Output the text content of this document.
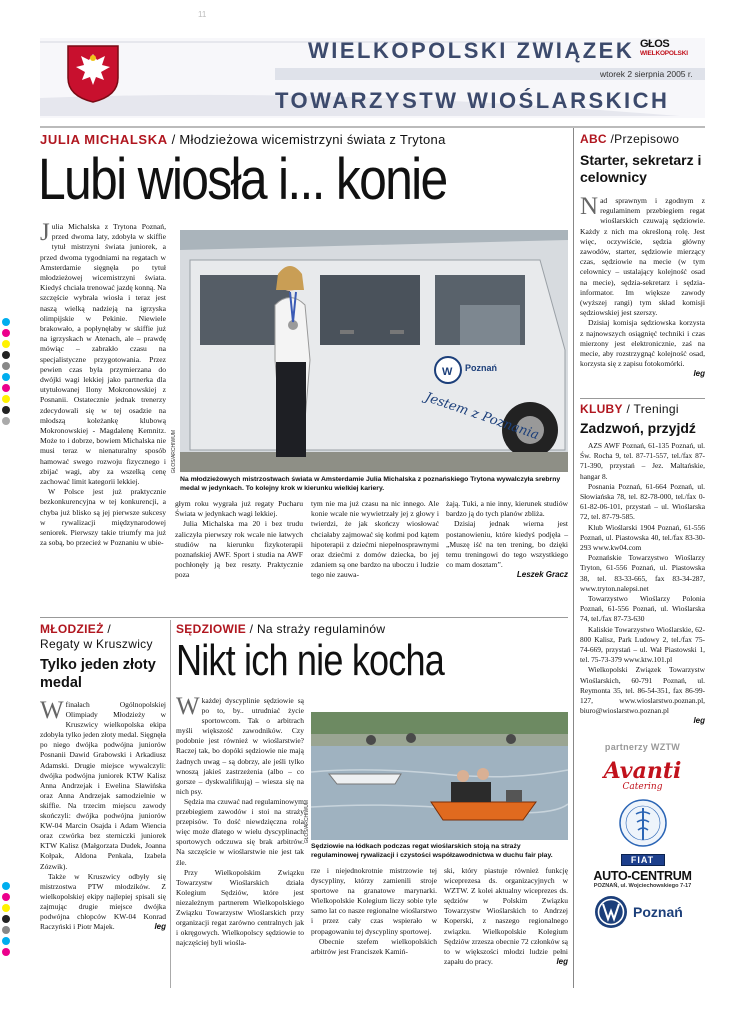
11
WIELKOPOLSKI ZWIĄZEK
wtorek 2 sierpnia 2005 r.
TOWARZYSTW WIOŚLARSKICH
GŁOS
WIELKOPOLSKI
JULIA MICHALSKA / Młodzieżowa wicemistrzyni świata z Trytona
Lubi wiosła i... konie

Julia Michalska z Trytona Poznań, przed dwoma laty, zdobyła w skiffie tytuł mistrzyni świata juniorek, a przed dwoma tygodniami na regatach w Amsterdamie sięgnęła po tytuł młodzieżowej wicemistrzyni świata. Kiedyś chciała trenować jazdę konną. Na szczęście wybrała wiosła i teraz jest naszą wielką nadzieją na igrzyska olimpijskie w Pekinie. Niewiele brakowało, a popłynęłaby w skiffie już na igrzyskach w Atenach, ale – prawdę mówiąc – zabrakło czasu na specjalistyczne przygotowania. Przez pewien czas była przymierzana do dwójki wagi lekkiej jako partnerka dla utytułowanej Ilony Mokronowskiej z Posnanii. Ostatecznie jednak trenerzy zdecydowali się w tej osadzie na młodszą koleżankę klubową Mokronowskiej - Magdalenę Kemnitz. Może to i dobrze, bowiem Michalska nie musi teraz w nienaturalny sposób hamować swego rozwoju fizycznego i zbijać wagi, aby za wszelką cenę zachować limit kategorii lekkiej.

W Polsce jest już praktycznie bezkonkurencyjna w tej konkurencji, a chyba już blisko są jej pierwsze sukcesy w rywalizacji międzynarodowej seniorek. Pierwszy takie triumfy ma już za sobą, bo przecież w Poznaniu w ubie-

W Poznań
Jestem z Poznania
GŁOS/ARCHIWUM
Na młodzieżowych mistrzostwach świata w Amsterdamie Julia Michalska z poznańskiego Trytona wywalczyła srebrny medal w jedynkach. To kolejny krok w kierunku wielkiej kariery.

głym roku wygrała już regaty Pucharu Świata w jedynkach wagi lekkiej.

Julia Michalska ma 20 i bez trudu zaliczyła pierwszy rok wcale nie łatwych studiów na kierunku fizykoterapii poznańskiej AWF. Sport i studia na AWF pochłonęły ją bez reszty. Praktycznie poza

tym nie ma już czasu na nic innego. Ale konie wcale nie wywietrzały jej z głowy i twierdzi, że jak skończy wiosłować chciałaby zajmować się końmi pod kątem hipoterapii z dziećmi niepełnosprawnymi oraz dziećmi z domów dziecka, bo jej zdaniem są one bardzo na uboczu i ludzie tego nie zauwa-

żają. Tuki, a nie inny, kierunek studiów bardzo ją do tych planów zbliża.

Dzisiaj jednak wierna jest postanowieniu, które kiedyś podjęła – „Muszę iść na ten trening, bo dzięki temu treningowi do tego wszystkiego co mam dosztam”.

Leszek Gracz
ABC /Przepisowo
Starter, sekretarz i celownicy

Nad sprawnym i zgodnym z regulaminem przebiegiem regat wioślarskich czuwają sędziowie. Każdy z nich ma określoną rolę. Jest więc, oczywiście, sędzia główny zawodów, starter, sędziowie mierzący czas, sędziowie na mecie (w tym celownicy – ustalający kolejność osad na mecie), sędzia-sekretarz i sędzia-informator. Im większe zawody (wyższej rangi) tym skład komisji sędziowskiej jest szerszy.

Dzisiaj komisja sędziowska korzysta z najnowszych osiągnięć techniki i czas mierzony jest elektronicznie, zaś na mecie, aby rozstrzygnąć kolejność osad, korzysta się z zapisu fotokomórki.

leg
KLUBY / Treningi
Zadzwoń, przyjdź

AZS AWF Poznań, 61-135 Poznań, ul. Św. Rocha 9, tel. 87-71-557, tel./fax 87-71-390, przystań – Jez. Maltańskie, hangar 8.

Posnania Poznań, 61-664 Poznań, ul. Słowiańska 78, tel. 82-78-000, tel./fax 0-61-82-06-101, przystań – ul. Wioślarska 72, tel. 87-79-585.

Klub Wioślarski 1904 Poznań, 61-556 Poznań, ul. Piastowska 40, tel./fax 83-30-293 www.kw04.com

Poznańskie Towarzystwo Wioślarzy Tryton, 61-556 Poznań, ul. Piastowska 38, tel. 83-33-665, fax 83-34-287, www.tryton.nalepsi.net

Towarzystwo Wioślarzy Polonia Poznań, 61-556 Poznań, ul. Wioślarska 74, tel./fax 87-73-630

Kaliskie Towarzystwo Wioślarskie, 62-800 Kalisz, Park Ludowy 2, tel./fax 75-74-669, przystań – ul. Wał Piastowski 1, tel. 75-73-379 www.ktw.101.pl

Wielkopolski Związek Towarzystw Wioślarskich, 60-791 Poznań, ul. Reymonta 35, tel. 86-54-351, fax 86-99-127, www.wioslarstwo.poznan.pl, biuro@wioslarstwo.poznan.pl

leg
partnerzy WZTW
Avanti
Catering
FIAT
AUTO-CENTRUM
POZNAŃ, ul. Wojciechowskiego 7-17
Poznań
MŁODZIEŻ /
Regaty w Kruszwicy
Tylko jeden złoty medal

W finałach Ogólnopolskiej Olimpiady Młodzieży w Kruszwicy wielkopolska ekipa zdobyła tylko jeden złoty medal. Sięgnęła po niego dwójka podwójna juniorów Posnanii Dawid Grabowski i Arkadiusz Adamski. Drugie miejsce wywalczyli: dwójka podwójna juniorek KTW Kalisz Anna Andrzejak i Ewelina Sławińska oraz Anna Andrzejak samodzielnie w skiffie. Na trzecim miejscu zawody skończyli: dwójka podwójna juniorów KW-04 Marcin Osajda i Adam Wiencia oraz czwórka bez sterniczki juniorek KTW Kalisz (Małgorzata Dudek, Joanna Kołpak, Aldona Penkala, Izabela Zózwik).

Także w Kruszwicy odbyły się mistrzostwa PTW młodzików. Z wielkopolskiej ekipy najlepiej spisali się zajmując drugie miejsce dwójka podwójna chłopców KW-04 Konrad Raczyński i Piotr Majek.	leg
SĘDZIOWIE / Na straży regulaminów
Nikt ich nie kocha

Wkażdej dyscyplinie sędziowie są po to, by.. utrudniać życie sportowcom. Tak o arbitrach myśli większość zawodników. Czy podobnie jest również w wioślarstwie? Raczej tak, bo dopóki sędziowie nie mają żadnych uwag – są dobrzy, ale jeśli tylko wnoszą jakieś zastrzeżenia (albo – co gorsze – dyskwalifikują) – wiesza się na nich psy.

Sędzia ma czuwać nad regulaminowym przebiegiem zawodów i stoi na straży przepisów. To dość niewdzięczna rola więc może dlatego w wielu dyscyplinach sportowych odczuwa się brak arbitrów. Na szczęście w wioślarstwie nie jest tak źle.

Przy Wielkopolskim Związku Towarzystw Wioślarskich działa Kolegium Sędziów, które jest niezależnym partnerem Wielkopolskiego Związku Towarzystw Wioślarskich przy organizacji regat zarówno centralnych jak i okręgowych. Wielkopolscy sędziowie to najczęściej byli wiośla-

GŁOS/ARCHIWUM
Sędziowie na łódkach podczas regat wioślarskich stoją na straży regulaminowej rywalizacji i czystości współzawodnictwa w duchu fair play.

rze i niejednokrotnie mistrzowie tej dyscypliny, którzy zamienili stroje sportowe na granatowe marynarki. Wielkopolskie Kolegium liczy sobie tyle samo lat co nasze regionalne wioślarstwo i przez cały czas wspierało w propagowaniu tej dyscypliny sportowej.

Obecnie szefem wielkopolskich arbitrów jest Franciszek Kamiń-

ski, który piastuje również funkcję wiceprezesa ds. organizacyjnych w WZTW. Z kolei aktualny wiceprezes ds. sędziów w Polskim Związku Towarzystw Wioślarskich to Andrzej Koperski, z naszego regionalnego związku. Wielkopolskie Kolegium Sędziów zrzesza obecnie 72 członków są to w większości młodzi ludzie pełni zapału do pracy.	leg
